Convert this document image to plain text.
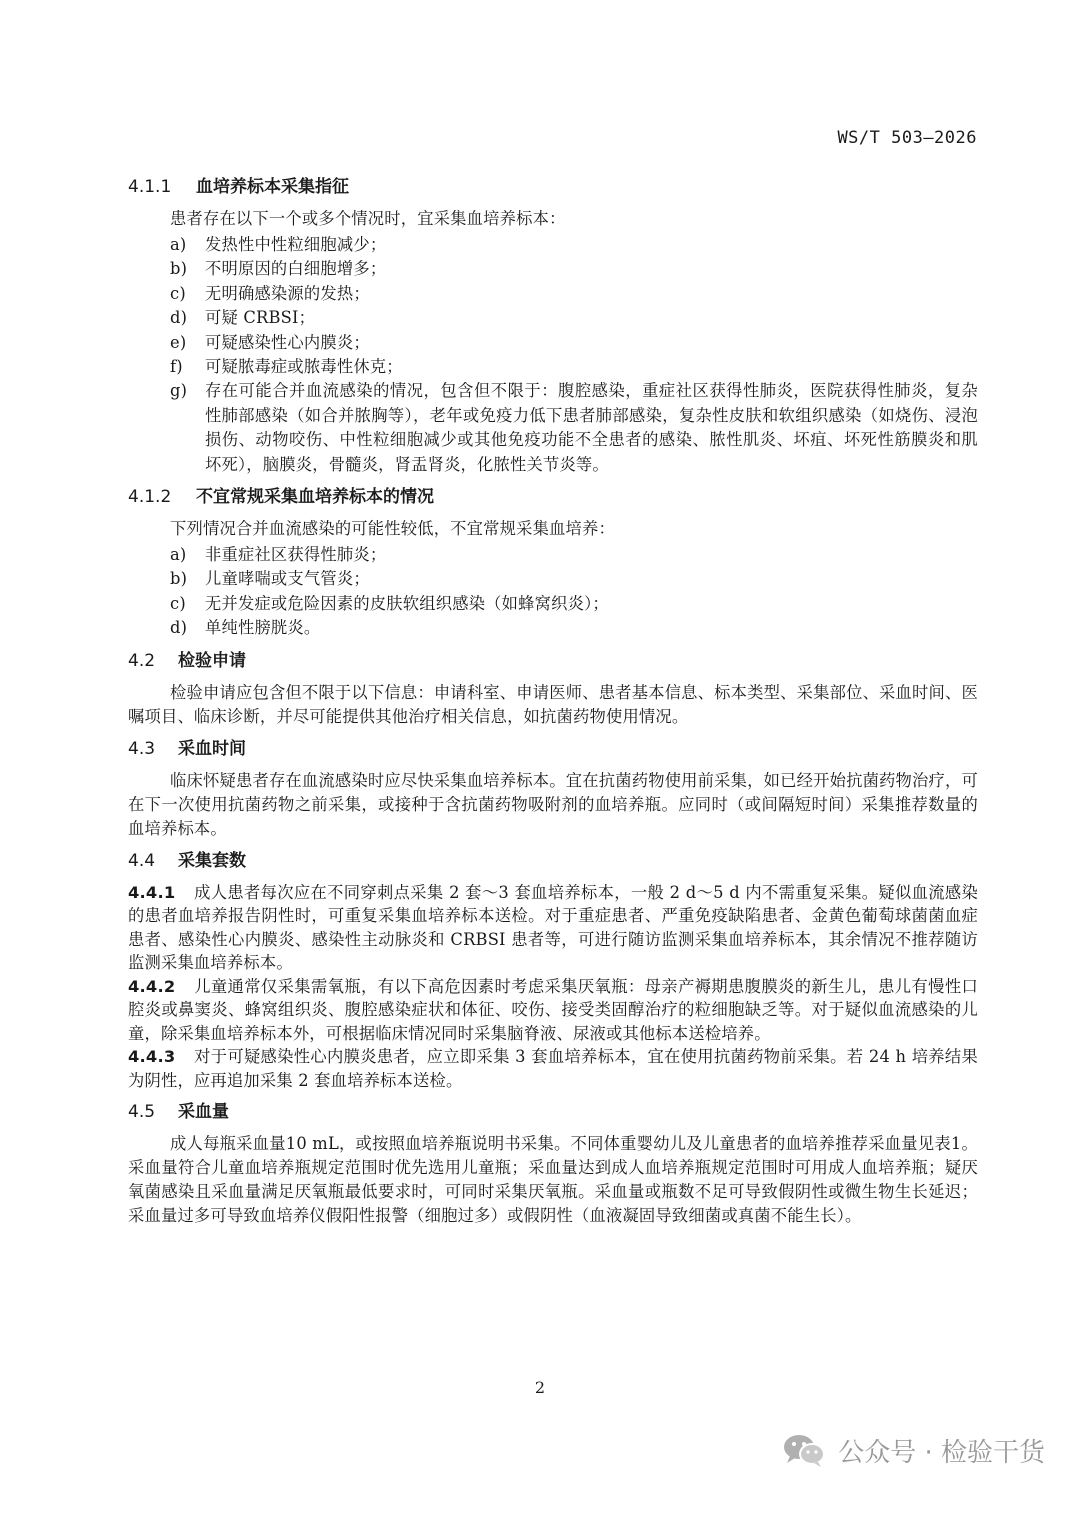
WS/T 503—2026
4.1.1 血培养标本采集指征
患者存在以下一个或多个情况时，宜采集血培养标本：
a) 发热性中性粒细胞减少；
b) 不明原因的白细胞增多；
c) 无明确感染源的发热；
d) 可疑 CRBSI；
e) 可疑感染性心内膜炎；
f) 可疑脓毒症或脓毒性休克；
g) 存在可能合并血流感染的情况，包含但不限于：腹腔感染，重症社区获得性肺炎，医院获得性肺炎，复杂性肺部感染（如合并脓胸等），老年或免疫力低下患者肺部感染，复杂性皮肤和软组织感染（如烧伤、浸泡损伤、动物咬伤、中性粒细胞减少或其他免疫功能不全患者的感染、脓性肌炎、坏疽、坏死性筋膜炎和肌坏死），脑膜炎，骨髓炎，肾盂肾炎，化脓性关节炎等。
4.1.2 不宜常规采集血培养标本的情况
下列情况合并血流感染的可能性较低，不宜常规采集血培养：
a) 非重症社区获得性肺炎；
b) 儿童哮喘或支气管炎；
c) 无并发症或危险因素的皮肤软组织感染（如蜂窝织炎）；
d) 单纯性膀胱炎。
4.2 检验申请

检验申请应包含但不限于以下信息：申请科室、申请医师、患者基本信息、标本类型、采集部位、采血时间、医嘱项目、临床诊断，并尽可能提供其他治疗相关信息，如抗菌药物使用情况。

4.3 采血时间

临床怀疑患者存在血流感染时应尽快采集血培养标本。宜在抗菌药物使用前采集，如已经开始抗菌药物治疗，可在下一次使用抗菌药物之前采集，或接种于含抗菌药物吸附剂的血培养瓶。应同时（或间隔短时间）采集推荐数量的血培养标本。

4.4 采集套数

4.4.1 成人患者每次应在不同穿刺点采集 2 套～3 套血培养标本，一般 2 d～5 d 内不需重复采集。疑似血流感染的患者血培养报告阴性时，可重复采集血培养标本送检。对于重症患者、严重免疫缺陷患者、金黄色葡萄球菌菌血症患者、感染性心内膜炎、感染性主动脉炎和 CRBSI 患者等，可进行随访监测采集血培养标本，其余情况不推荐随访监测采集血培养标本。

4.4.2 儿童通常仅采集需氧瓶，有以下高危因素时考虑采集厌氧瓶：母亲产褥期患腹膜炎的新生儿，患儿有慢性口腔炎或鼻窦炎、蜂窝组织炎、腹腔感染症状和体征、咬伤、接受类固醇治疗的粒细胞缺乏等。对于疑似血流感染的儿童，除采集血培养标本外，可根据临床情况同时采集脑脊液、尿液或其他标本送检培养。

4.4.3 对于可疑感染性心内膜炎患者，应立即采集 3 套血培养标本，宜在使用抗菌药物前采集。若 24 h 培养结果为阴性，应再追加采集 2 套血培养标本送检。

4.5 采血量

成人每瓶采血量10 mL，或按照血培养瓶说明书采集。不同体重婴幼儿及儿童患者的血培养推荐采血量见表1。采血量符合儿童血培养瓶规定范围时优先选用儿童瓶；采血量达到成人血培养瓶规定范围时可用成人血培养瓶；疑厌氧菌感染且采血量满足厌氧瓶最低要求时，可同时采集厌氧瓶。采血量或瓶数不足可导致假阴性或微生物生长延迟；采血量过多可导致血培养仪假阳性报警（细胞过多）或假阴性（血液凝固导致细菌或真菌不能生长）。

2
公众号 · 检验干货
